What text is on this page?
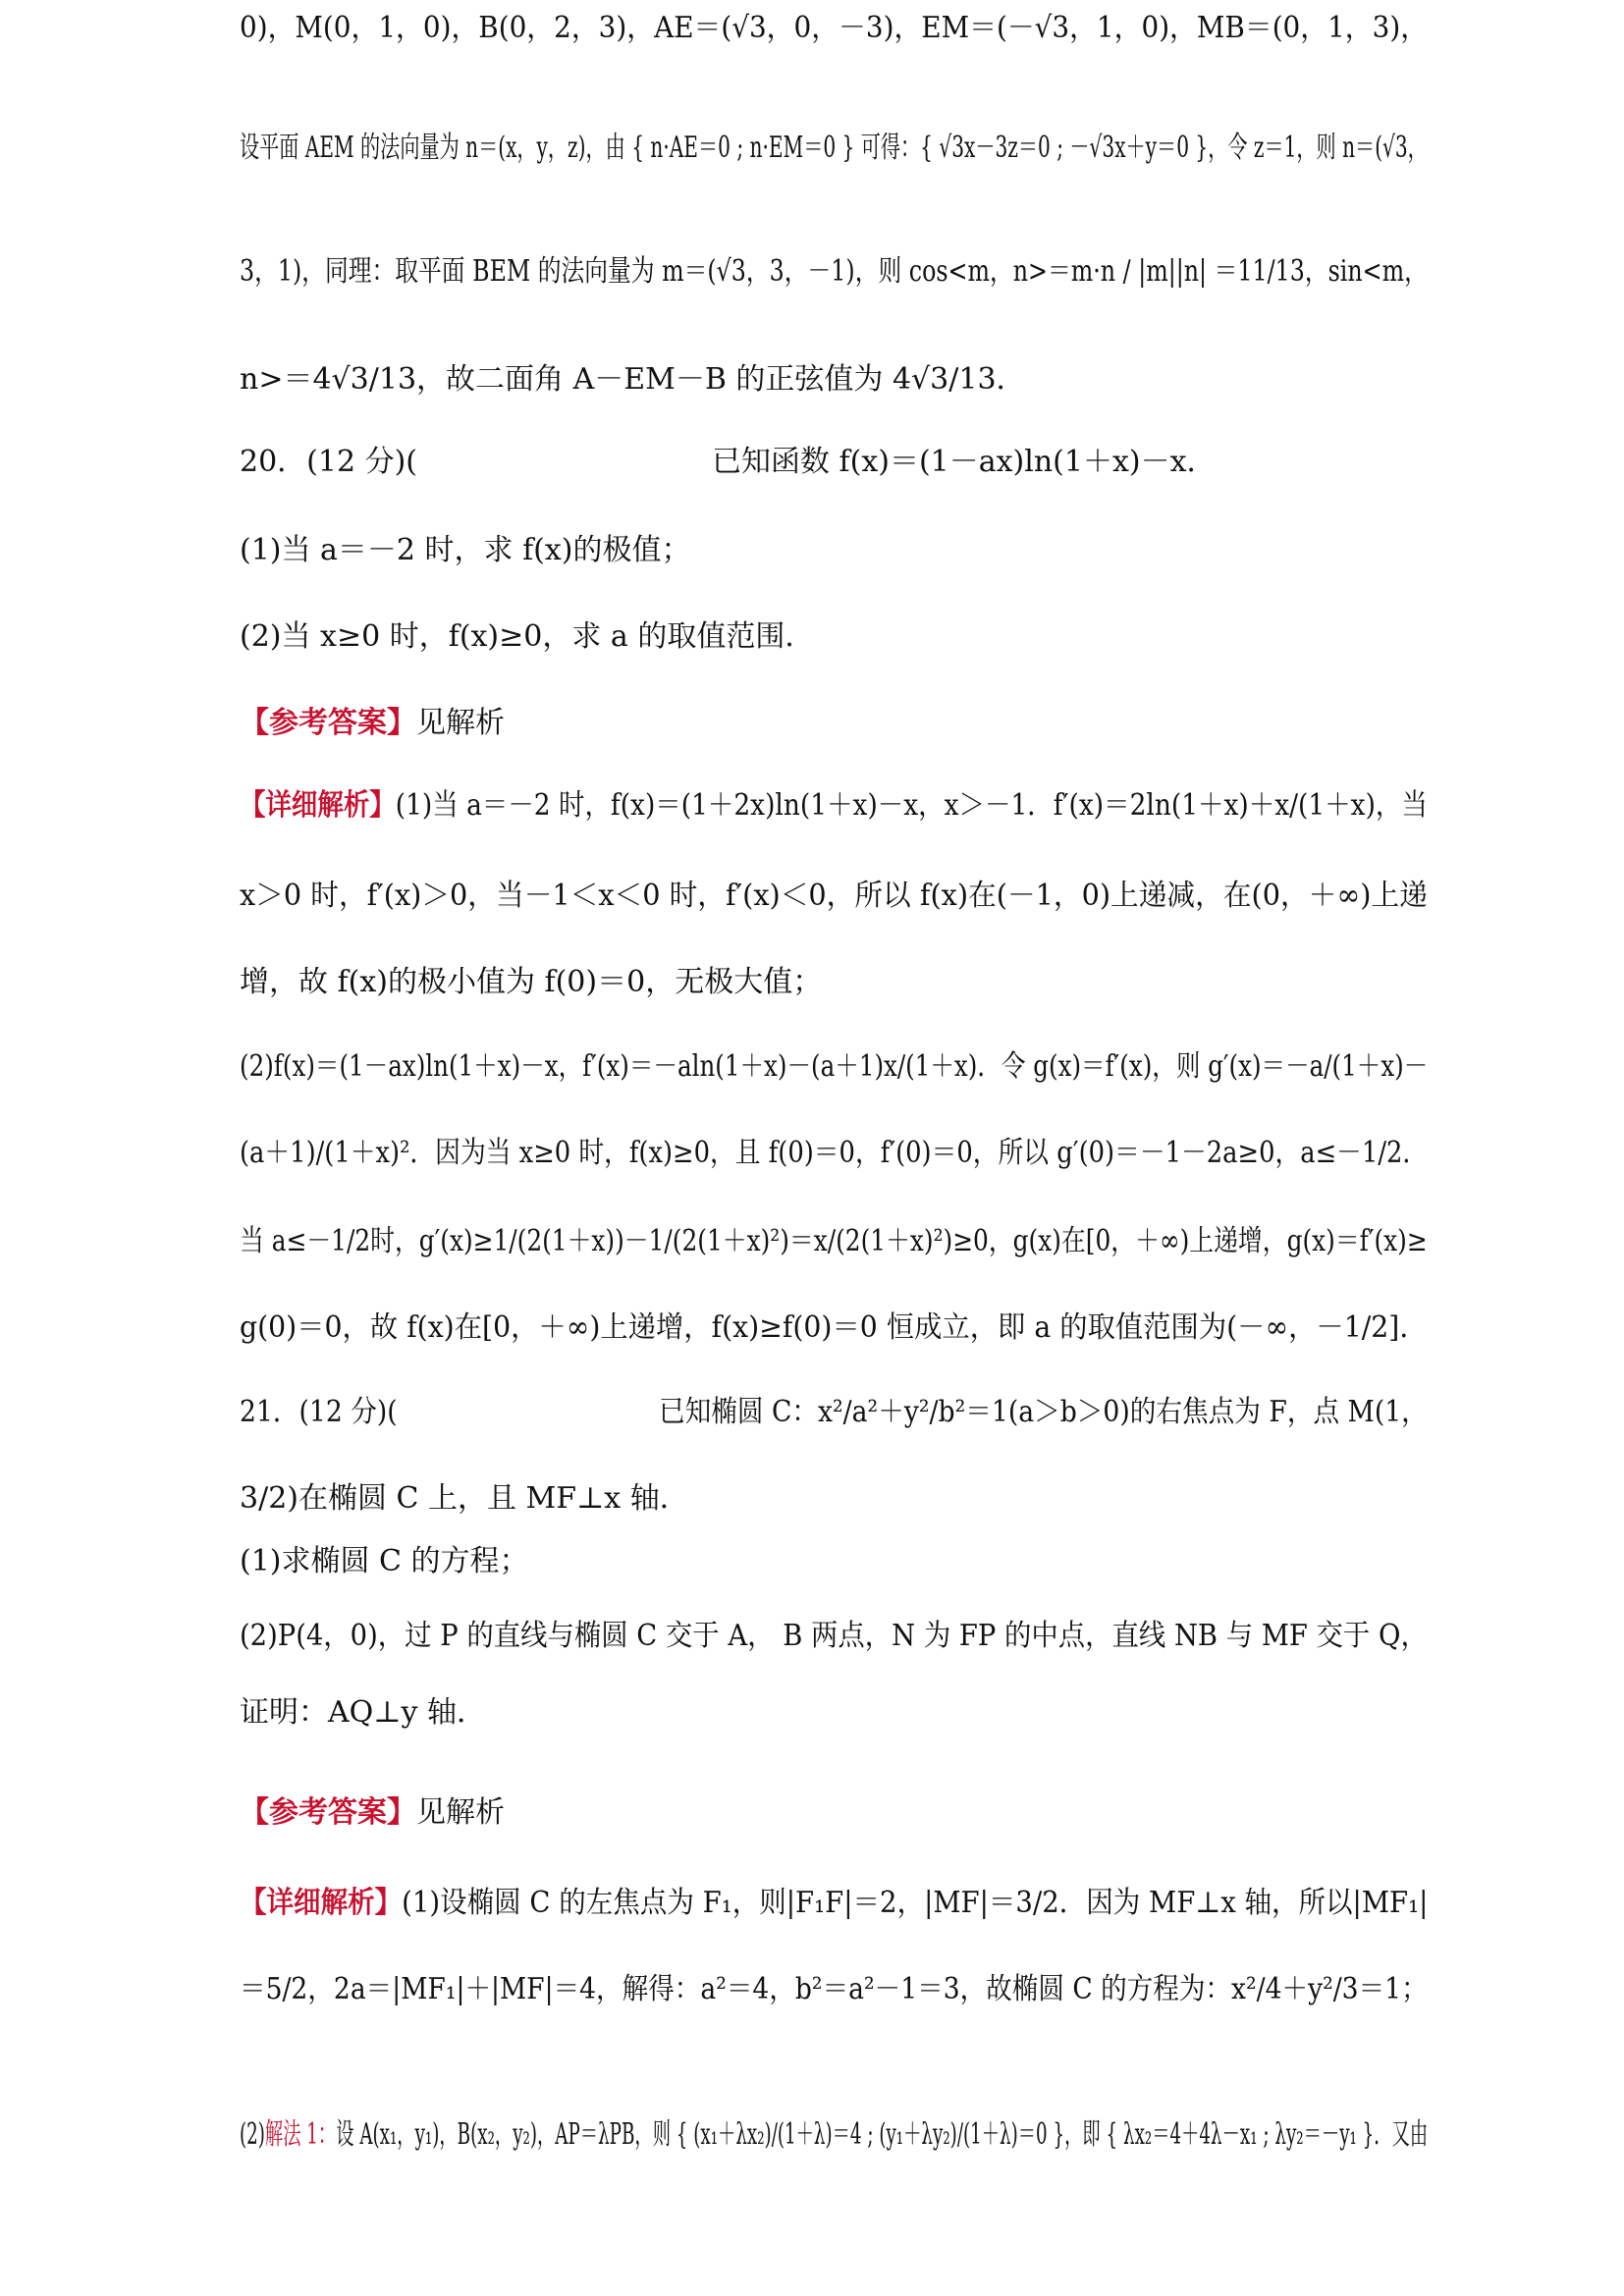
0)，M(0，1，0)，B(0，2，3)，AE＝(√3，0，－3)，EM＝(－√3，1，0)，MB＝(0，1，3)，
设平面 AEM 的法向量为 n＝(x，y，z)，由 { n·AE＝0 ; n·EM＝0 } 可得：{ √3x－3z＝0 ; －√3x＋y＝0 }，令 z＝1，则 n＝(√3，
3，1)，同理：取平面 BEM 的法向量为 m＝(√3，3，－1)，则 cos<m，n>＝m·n / |m||n| ＝11/13，sin<m，
n>＝4√3/13，故二面角 A－EM－B 的正弦值为 4√3/13．
20．(12 分)(	已知函数 f(x)＝(1－ax)ln(1＋x)－x．
(1)当 a＝－2 时，求 f(x)的极值；
(2)当 x≥0 时，f(x)≥0，求 a 的取值范围．
【参考答案】见解析
【详细解析】(1)当 a＝－2 时，f(x)＝(1＋2x)ln(1＋x)－x，x＞－1．f′(x)＝2ln(1＋x)＋x/(1＋x)，当
x＞0 时，f′(x)＞0，当－1＜x＜0 时，f′(x)＜0，所以 f(x)在(－1，0)上递减，在(0，＋∞)上递
增，故 f(x)的极小值为 f(0)＝0，无极大值；
(2)f(x)＝(1－ax)ln(1＋x)－x，f′(x)＝－aln(1＋x)－(a＋1)x/(1＋x)．令 g(x)＝f′(x)，则 g′(x)＝－a/(1＋x)－
(a＋1)/(1＋x)²．因为当 x≥0 时，f(x)≥0，且 f(0)＝0，f′(0)＝0，所以 g′(0)＝－1－2a≥0，a≤－1/2．
当 a≤－1/2时，g′(x)≥1/(2(1＋x))－1/(2(1＋x)²)＝x/(2(1＋x)²)≥0，g(x)在[0，＋∞)上递增，g(x)＝f′(x)≥
g(0)＝0，故 f(x)在[0，＋∞)上递增，f(x)≥f(0)＝0 恒成立，即 a 的取值范围为(－∞，－1/2]．
21．(12 分)(	已知椭圆 C：x²/a²＋y²/b²＝1(a＞b＞0)的右焦点为 F，点 M(1，
3/2)在椭圆 C 上，且 MF⊥x 轴．
(1)求椭圆 C 的方程；
(2)P(4，0)，过 P 的直线与椭圆 C 交于 A， B 两点，N 为 FP 的中点，直线 NB 与 MF 交于 Q，
证明：AQ⊥y 轴．
【参考答案】见解析
【详细解析】(1)设椭圆 C 的左焦点为 F₁，则|F₁F|＝2，|MF|＝3/2．因为 MF⊥x 轴，所以|MF₁|
＝5/2，2a＝|MF₁|＋|MF|＝4，解得：a²＝4，b²＝a²－1＝3，故椭圆 C 的方程为：x²/4＋y²/3＝1；
(2)解法 1：设 A(x₁，y₁)，B(x₂，y₂)，AP＝λPB，则 { (x₁＋λx₂)/(1＋λ)＝4 ; (y₁＋λy₂)/(1＋λ)＝0 }，即 { λx₂＝4＋4λ－x₁ ; λy₂＝－y₁ }．又由
